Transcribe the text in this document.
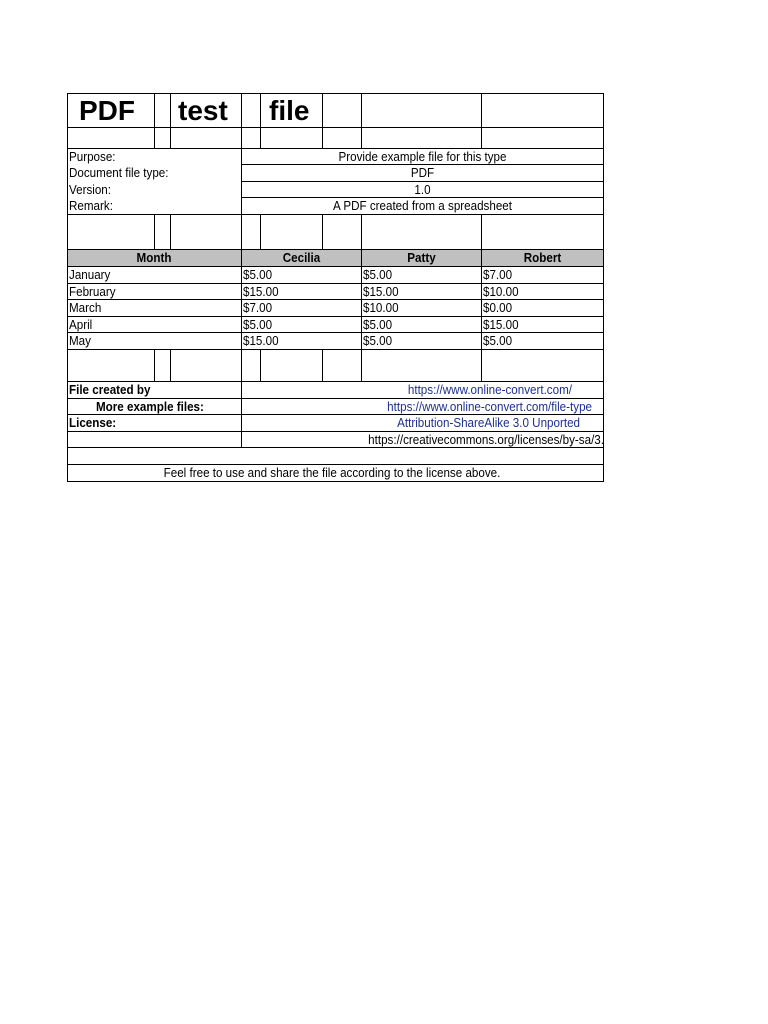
PDF test file
Purpose:	Provide example file for this type
Document file type:	PDF
Version:	1.0
Remark:	A PDF created from a spreadsheet
Month	Cecilia	Patty	Robert
January	$5.00	$5.00	$7.00
February	$15.00	$15.00	$10.00
March	$7.00	$10.00	$0.00
April	$5.00	$5.00	$15.00
May	$15.00	$5.00	$5.00
File created by	https://www.online-convert.com/
More example files:	https://www.online-convert.com/file-type
License:	Attribution-ShareAlike 3.0 Unported
https://creativecommons.org/licenses/by-sa/3.
Feel free to use and share the file according to the license above.
